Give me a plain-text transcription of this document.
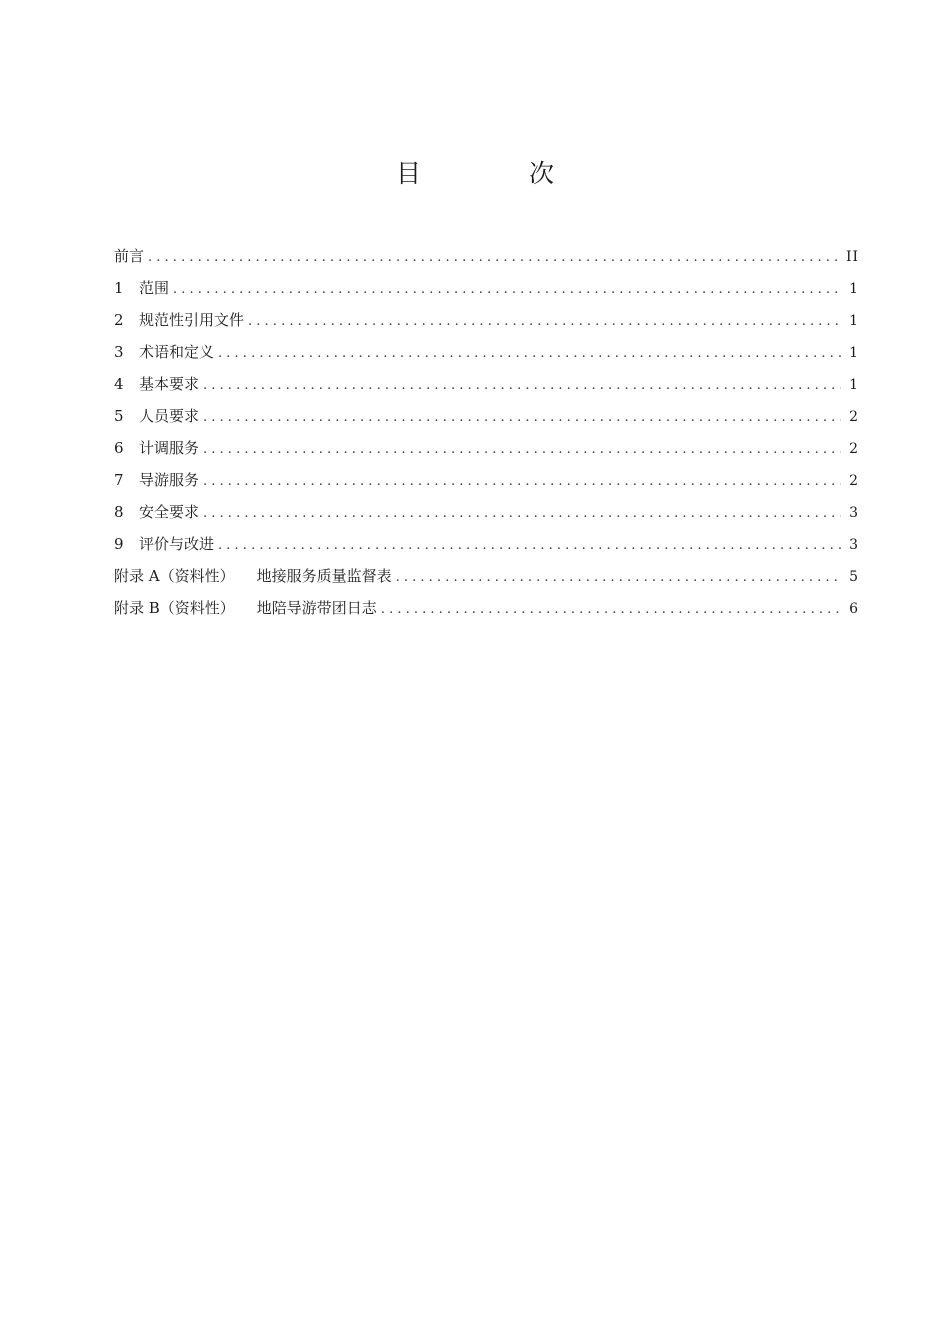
目 次
前言 . . .	II
1	范围 . . .	1
2	规范性引用文件 . . .	1
3	术语和定义 . . .	1
4	基本要求 . . .	1
5	人员要求 . . .	2
6	计调服务 . . .	2
7	导游服务 . . .	2
8	安全要求 . . .	3
9	评价与改进 . . .	3
附录 A（资料性） 地接服务质量监督表 . . .	5
附录 B（资料性） 地陪导游带团日志 . . .	6
